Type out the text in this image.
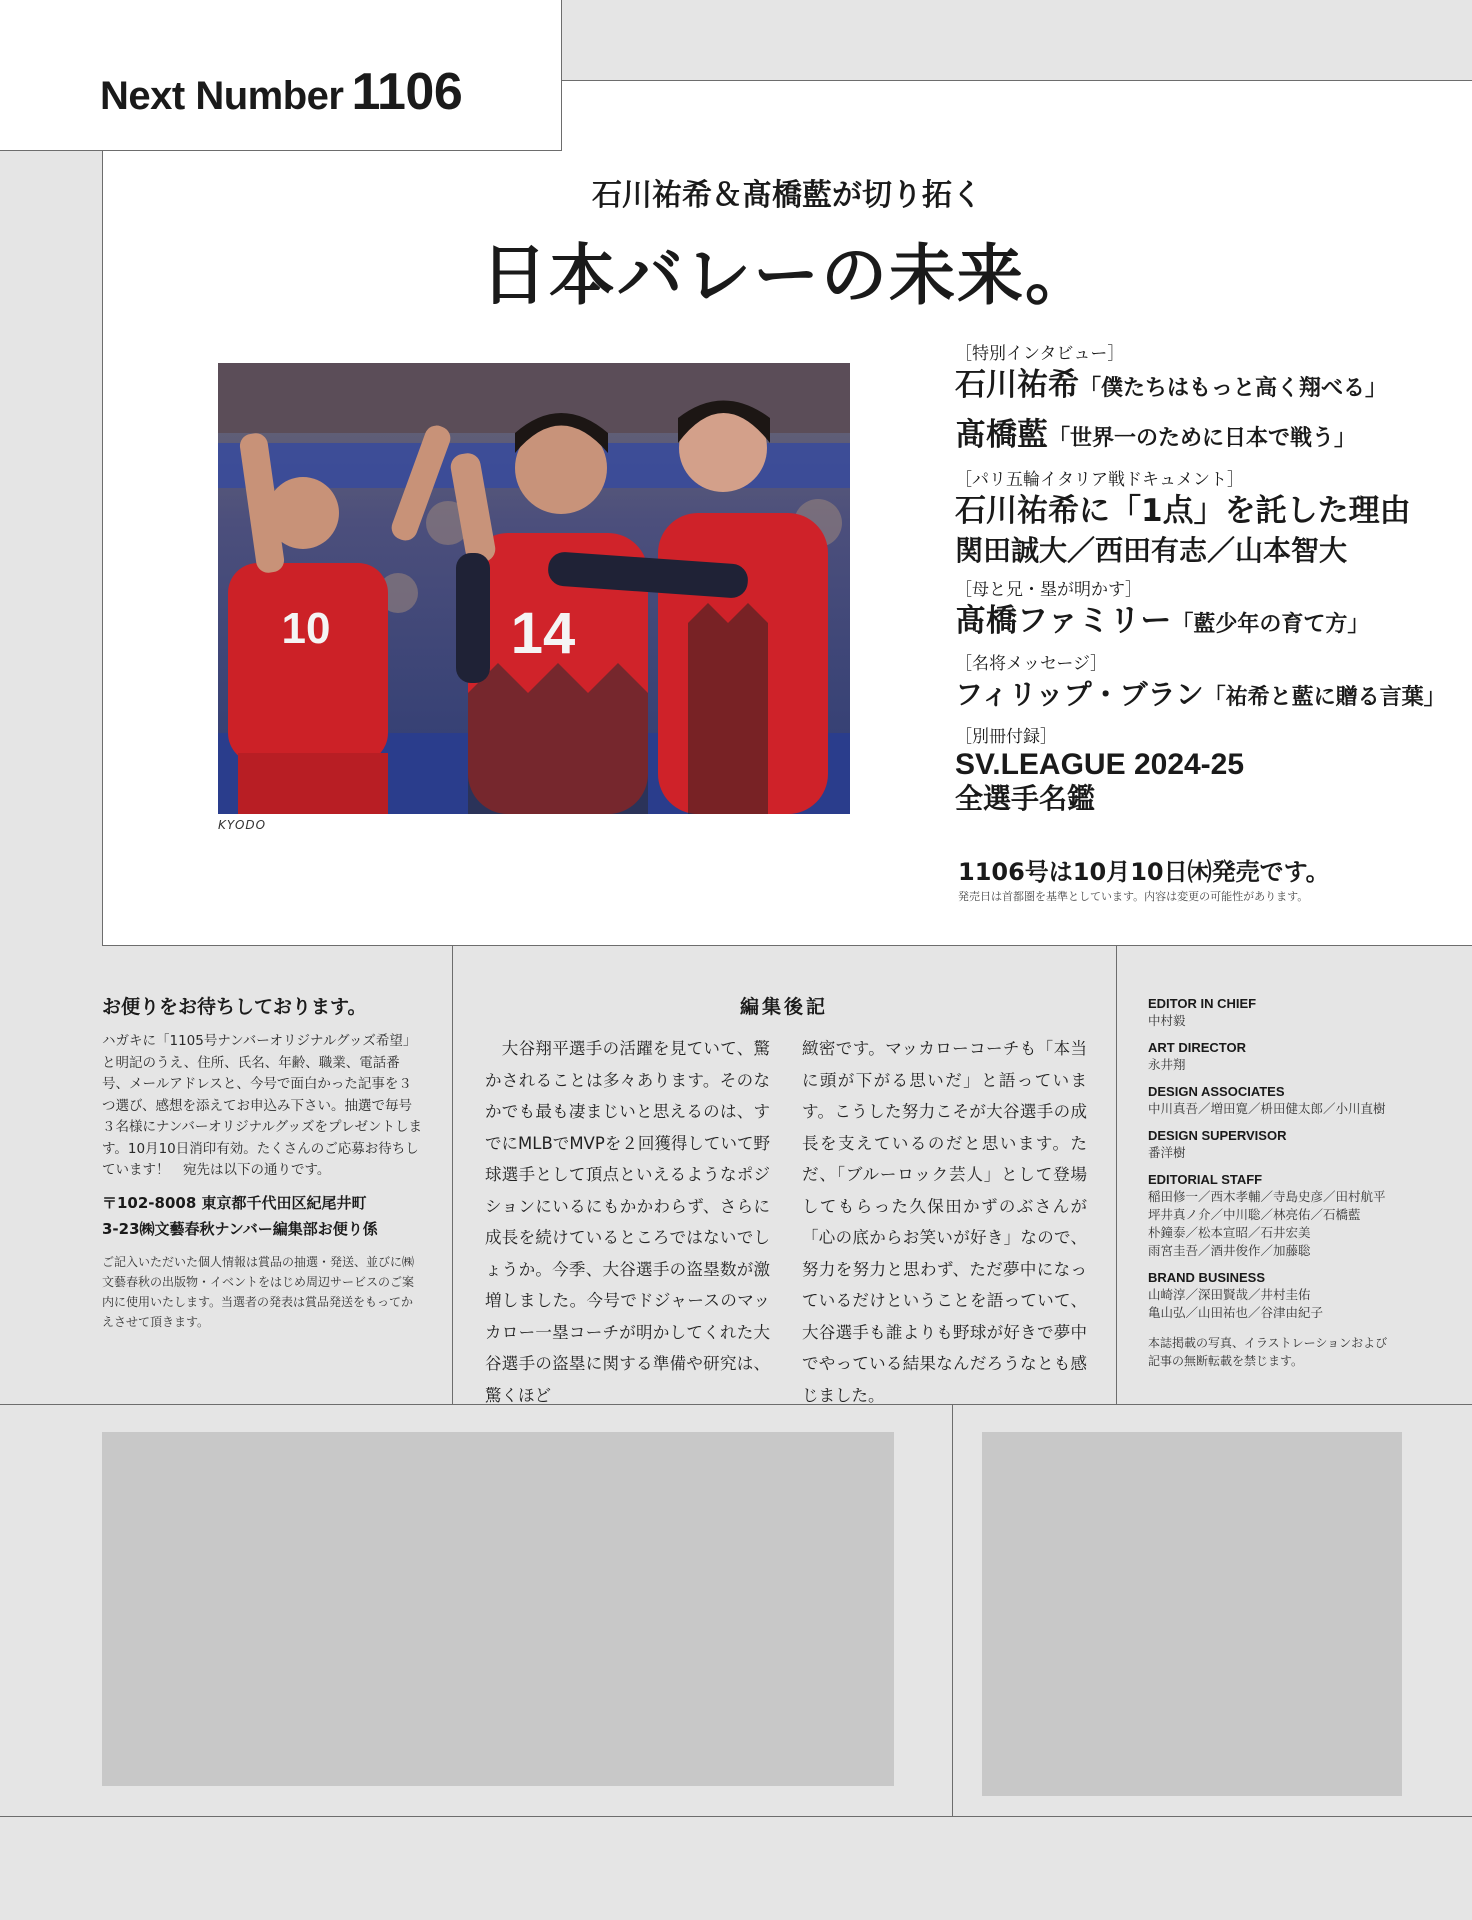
Next Number 1106
石川祐希＆髙橋藍が切り拓く
日本バレーの未来。
10	14
KYODO
［特別インタビュー］
石川祐希「僕たちはもっと高く翔べる」
髙橋藍「世界一のために日本で戦う」
［パリ五輪イタリア戦ドキュメント］
石川祐希に「1点」を託した理由
関田誠大／西田有志／山本智大
［母と兄・塁が明かす］
髙橋ファミリー「藍少年の育て方」
［名将メッセージ］
フィリップ・ブラン「祐希と藍に贈る言葉」
［別冊付録］
SV.LEAGUE 2024-25
全選手名鑑
1106号は10月10日㈭発売です。
発売日は首都圏を基準としています。内容は変更の可能性があります。
お便りをお待ちしております。
ハガキに「1105号ナンバーオリジナルグッズ希望」と明記のうえ、住所、氏名、年齢、職業、電話番号、メールアドレスと、今号で面白かった記事を３つ選び、感想を添えてお申込み下さい。抽選で毎号３名様にナンバーオリジナルグッズをプレゼントします。10月10日消印有効。たくさんのご応募お待ちしています！　宛先は以下の通りです。
〒102-8008 東京都千代田区紀尾井町
3-23㈱文藝春秋ナンバー編集部お便り係
ご記入いただいた個人情報は賞品の抽選・発送、並びに㈱文藝春秋の出版物・イベントをはじめ周辺サービスのご案内に使用いたします。当選者の発表は賞品発送をもってかえさせて頂きます。
編集後記
　大谷翔平選手の活躍を見ていて、驚かされることは多々あります。そのなかでも最も凄まじいと思えるのは、すでにMLBでMVPを２回獲得していて野球選手として頂点といえるようなポジションにいるにもかかわらず、さらに成長を続けているところではないでしょうか。今季、大谷選手の盗塁数が激増しました。今号でドジャースのマッカロー一塁コーチが明かしてくれた大谷選手の盗塁に関する準備や研究は、驚くほど
緻密です。マッカローコーチも「本当に頭が下がる思いだ」と語っています。こうした努力こそが大谷選手の成長を支えているのだと思います。ただ、「ブルーロック芸人」として登場してもらった久保田かずのぶさんが「心の底からお笑いが好き」なので、努力を努力と思わず、ただ夢中になっているだけということを語っていて、大谷選手も誰よりも野球が好きで夢中でやっている結果なんだろうなとも感じました。
EDITOR IN CHIEF
中村毅
ART DIRECTOR
永井翔
DESIGN ASSOCIATES
中川真吾／増田寛／枡田健太郎／小川直樹
DESIGN SUPERVISOR
番洋樹
EDITORIAL STAFF
稲田修一／西木孝輔／寺島史彦／田村航平
坪井真ノ介／中川聡／林亮佑／石橋藍
朴鐘泰／松本宣昭／石井宏美
雨宮圭吾／酒井俊作／加藤聡
BRAND BUSINESS
山崎淳／深田賢哉／井村圭佑
亀山弘／山田祐也／谷津由紀子
本誌掲載の写真、イラストレーションおよび
記事の無断転載を禁じます。
